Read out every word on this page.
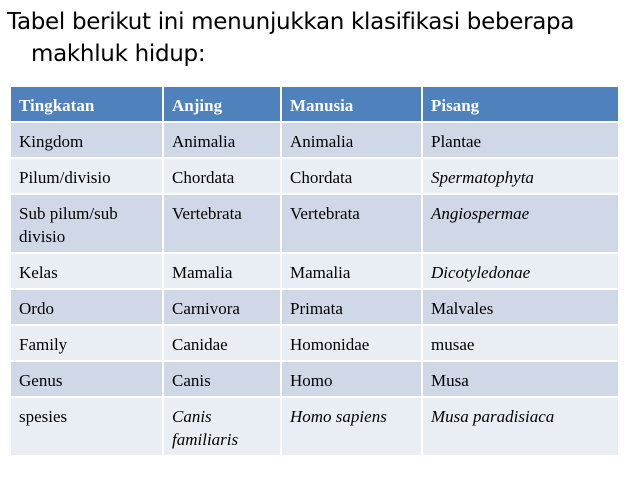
Tabel berikut ini menunjukkan klasifikasi beberapa
makhluk hidup:
Tingkatan	Anjing	Manusia	Pisang
Kingdom	Animalia	Animalia	Plantae
Pilum/divisio	Chordata	Chordata	Spermatophyta
Sub pilum/sub divisio	Vertebrata	Vertebrata	Angiospermae
Kelas	Mamalia	Mamalia	Dicotyledonae
Ordo	Carnivora	Primata	Malvales
Family	Canidae	Homonidae	musae
Genus	Canis	Homo	Musa
spesies	Canis familiaris	Homo sapiens	Musa paradisiaca
